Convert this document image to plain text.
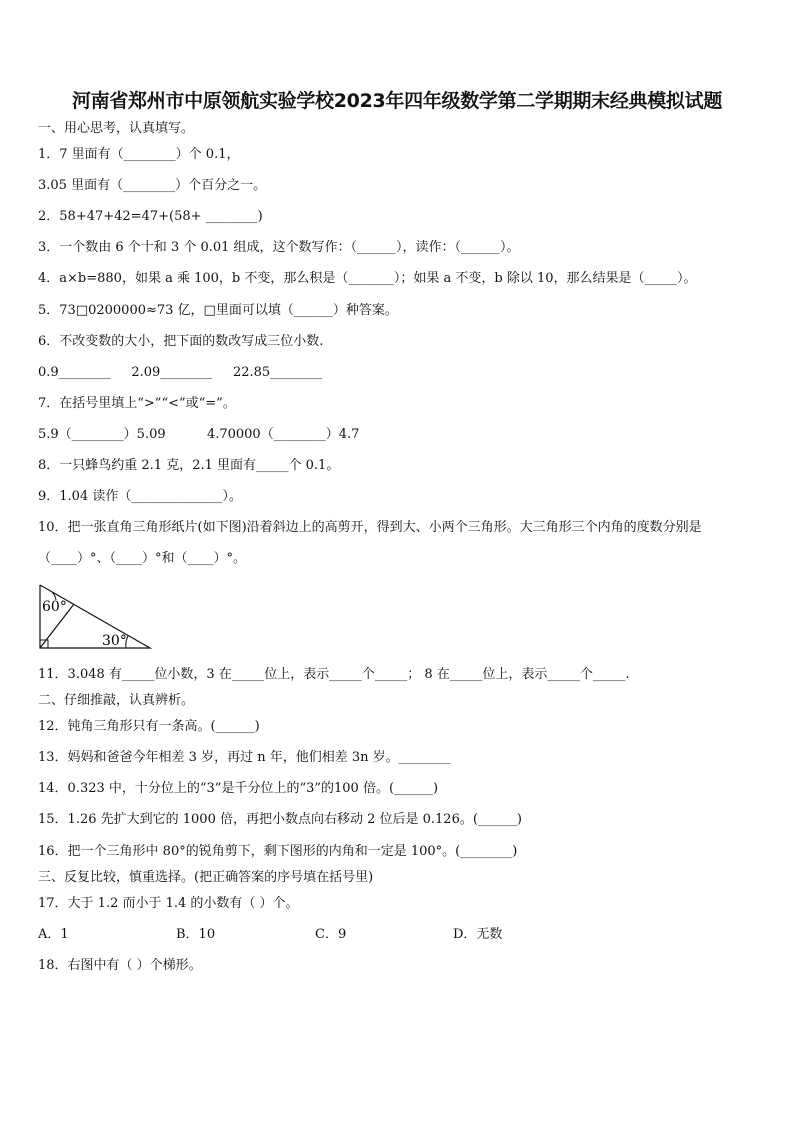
河南省郑州市中原领航实验学校2023年四年级数学第二学期期末经典模拟试题
一、用心思考，认真填写。
1．7 里面有（________）个 0.1，
3.05 里面有（________）个百分之一。
2．58+47+42=47+(58+ ________)
3．一个数由 6 个十和 3 个 0.01 组成，这个数写作：（______），读作：（______）。
4．a×b=880，如果 a 乘 100，b 不变，那么积是（_______）；如果 a 不变，b 除以 10，那么结果是（_____）。
5．73□0200000≈73 亿，□里面可以填（______）种答案。
6．不改变数的大小，把下面的数改写成三位小数.
0.9________     2.09________     22.85________
7．在括号里填上“>”“<”或“=”。
5.9（________）5.09          4.70000（________）4.7
8．一只蜂鸟约重 2.1 克，2.1 里面有_____个 0.1。
9．1.04 读作（______________）。
10．把一张直角三角形纸片(如下图)沿着斜边上的高剪开，得到大、小两个三角形。大三角形三个内角的度数分别是
（____）°、（____）°和（____）°。
60°
30°
11．3.048 有_____位小数，3 在_____位上，表示_____个_____； 8 在_____位上，表示_____个_____.
二、仔细推敲，认真辨析。
12．钝角三角形只有一条高。(______)
13．妈妈和爸爸今年相差 3 岁，再过 n 年，他们相差 3n 岁。________
14．0.323 中，十分位上的“3”是千分位上的“3”的100 倍。(______)
15．1.26 先扩大到它的 1000 倍，再把小数点向右移动 2 位后是 0.126。(______)
16．把一个三角形中 80°的锐角剪下，剩下图形的内角和一定是 100°。(________)
三、反复比较，慎重选择。(把正确答案的序号填在括号里)
17．大于 1.2 而小于 1.4 的小数有（ ）个。
A．1	B．10	C．9	D．无数
18．右图中有（ ）个梯形。
